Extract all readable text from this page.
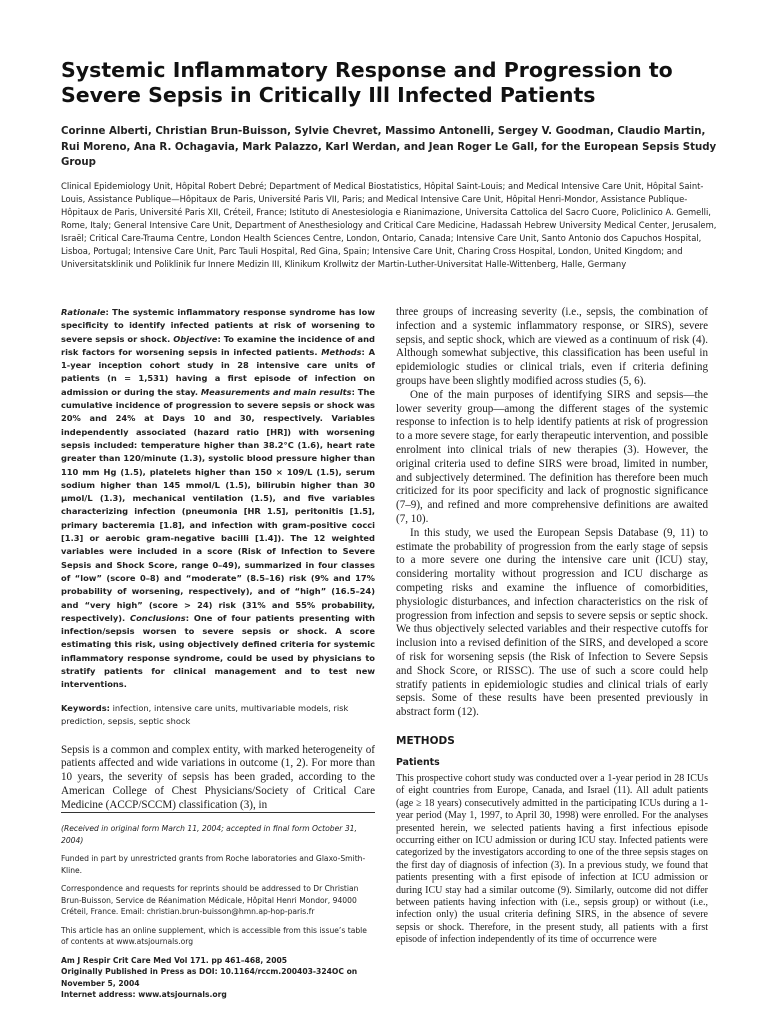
Systemic Inflammatory Response and Progression to Severe Sepsis in Critically Ill Infected Patients
Corinne Alberti, Christian Brun-Buisson, Sylvie Chevret, Massimo Antonelli, Sergey V. Goodman, Claudio Martin, Rui Moreno, Ana R. Ochagavia, Mark Palazzo, Karl Werdan, and Jean Roger Le Gall, for the European Sepsis Study Group
Clinical Epidemiology Unit, Hôpital Robert Debré; Department of Medical Biostatistics, Hôpital Saint-Louis; and Medical Intensive Care Unit, Hôpital Saint-Louis, Assistance Publique—Hôpitaux de Paris, Université Paris VII, Paris; and Medical Intensive Care Unit, Hôpital Henri-Mondor, Assistance Publique-Hôpitaux de Paris, Université Paris XII, Créteil, France; Istituto di Anestesiologia e Rianimazione, Universita Cattolica del Sacro Cuore, Policlinico A. Gemelli, Rome, Italy; General Intensive Care Unit, Department of Anesthesiology and Critical Care Medicine, Hadassah Hebrew University Medical Center, Jerusalem, Israël; Critical Care-Trauma Centre, London Health Sciences Centre, London, Ontario, Canada; Intensive Care Unit, Santo Antonio dos Capuchos Hospital, Lisboa, Portugal; Intensive Care Unit, Parc Tauli Hospital, Red Gina, Spain; Intensive Care Unit, Charing Cross Hospital, London, United Kingdom; and Universitatsklinik und Poliklinik fur Innere Medizin III, Klinikum Krollwitz der Martin-Luther-Universitat Halle-Wittenberg, Halle, Germany
Rationale: The systemic inflammatory response syndrome has low specificity to identify infected patients at risk of worsening to severe sepsis or shock. Objective: To examine the incidence of and risk factors for worsening sepsis in infected patients. Methods: A 1-year inception cohort study in 28 intensive care units of patients (n = 1,531) having a first episode of infection on admission or during the stay. Measurements and main results: The cumulative incidence of progression to severe sepsis or shock was 20% and 24% at Days 10 and 30, respectively. Variables independently associated (hazard ratio [HR]) with worsening sepsis included: temperature higher than 38.2°C (1.6), heart rate greater than 120/minute (1.3), systolic blood pressure higher than 110 mm Hg (1.5), platelets higher than 150 × 109/L (1.5), serum sodium higher than 145 mmol/L (1.5), bilirubin higher than 30 μmol/L (1.3), mechanical ventilation (1.5), and five variables characterizing infection (pneumonia [HR 1.5], peritonitis [1.5], primary bacteremia [1.8], and infection with gram-positive cocci [1.3] or aerobic gram-negative bacilli [1.4]). The 12 weighted variables were included in a score (Risk of Infection to Severe Sepsis and Shock Score, range 0–49), summarized in four classes of “low” (score 0–8) and “moderate” (8.5–16) risk (9% and 17% probability of worsening, respectively), and of “high” (16.5–24) and “very high” (score > 24) risk (31% and 55% probability, respectively). Conclusions: One of four patients presenting with infection/sepsis worsen to severe sepsis or shock. A score estimating this risk, using objectively defined criteria for systemic inflammatory response syndrome, could be used by physicians to stratify patients for clinical management and to test new interventions.
Keywords: infection, intensive care units, multivariable models, risk prediction, sepsis, septic shock

Sepsis is a common and complex entity, with marked heterogeneity of patients affected and wide variations in outcome (1, 2). For more than 10 years, the severity of sepsis has been graded, according to the American College of Chest Physicians/Society of Critical Care Medicine (ACCP/SCCM) classification (3), in

(Received in original form March 11, 2004; accepted in final form October 31, 2004)

Funded in part by unrestricted grants from Roche laboratories and Glaxo-Smith-Kline.

Correspondence and requests for reprints should be addressed to Dr Christian Brun-Buisson, Service de Réanimation Médicale, Hôpital Henri Mondor, 94000 Créteil, France. Email: christian.brun-buisson@hmn.ap-hop-paris.fr

This article has an online supplement, which is accessible from this issue’s table of contents at www.atsjournals.org

Am J Respir Crit Care Med Vol 171. pp 461–468, 2005
Originally Published in Press as DOI: 10.1164/rccm.200403-324OC on November 5, 2004
Internet address: www.atsjournals.org

three groups of increasing severity (i.e., sepsis, the combination of infection and a systemic inflammatory response, or SIRS), severe sepsis, and septic shock, which are viewed as a continuum of risk (4). Although somewhat subjective, this classification has been useful in epidemiologic studies or clinical trials, even if criteria defining groups have been slightly modified across studies (5, 6).

One of the main purposes of identifying SIRS and sepsis—the lower severity group—among the different stages of the systemic response to infection is to help identify patients at risk of progression to a more severe stage, for early therapeutic intervention, and possible enrolment into clinical trials of new therapies (3). However, the original criteria used to define SIRS were broad, limited in number, and subjectively determined. The definition has therefore been much criticized for its poor specificity and lack of prognostic significance (7–9), and refined and more comprehensive definitions are awaited (7, 10).

In this study, we used the European Sepsis Database (9, 11) to estimate the probability of progression from the early stage of sepsis to a more severe one during the intensive care unit (ICU) stay, considering mortality without progression and ICU discharge as competing risks and examine the influence of comorbidities, physiologic disturbances, and infection characteristics on the risk of progression from infection and sepsis to severe sepsis or septic shock. We thus objectively selected variables and their respective cutoffs for inclusion into a revised definition of the SIRS, and developed a score of risk for worsening sepsis (the Risk of Infection to Severe Sepsis and Shock Score, or RISSC). The use of such a score could help stratify patients in epidemiologic studies and clinical trials of early sepsis. Some of these results have been presented previously in abstract form (12).

METHODS
Patients

This prospective cohort study was conducted over a 1-year period in 28 ICUs of eight countries from Europe, Canada, and Israel (11). All adult patients (age ≥ 18 years) consecutively admitted in the participating ICUs during a 1-year period (May 1, 1997, to April 30, 1998) were enrolled. For the analyses presented herein, we selected patients having a first infectious episode occurring either on ICU admission or during ICU stay. Infected patients were categorized by the investigators according to one of the three sepsis stages on the first day of diagnosis of infection (3). In a previous study, we found that patients presenting with a first episode of infection at ICU admission or during ICU stay had a similar outcome (9). Similarly, outcome did not differ between patients having infection with (i.e., sepsis group) or without (i.e., infection only) the usual criteria defining SIRS, in the absence of severe sepsis or shock. Therefore, in the present study, all patients with a first episode of infection independently of its time of occurrence were
